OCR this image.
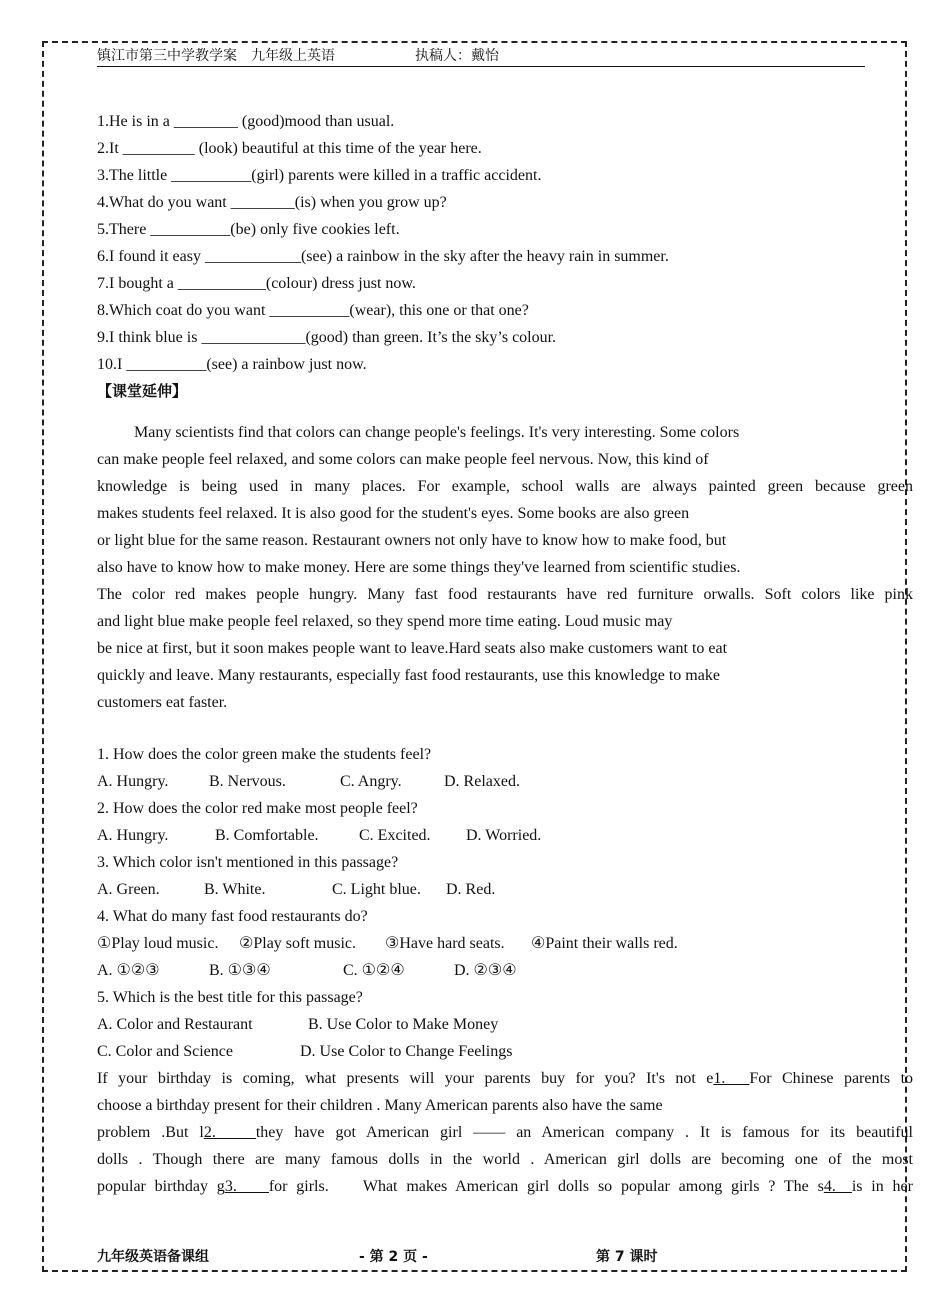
镇江市第三中学教学案　九年级上英语	执稿人：戴怡
1.He is in a ________ (good)mood than usual.
2.It _________ (look) beautiful at this time of the year here.
3.The little __________(girl) parents were killed in a traffic accident.
4.What do you want ________(is) when you grow up?
5.There __________(be) only five cookies left.
6.I found it easy ____________(see) a rainbow in the sky after the heavy rain in summer.
7.I bought a ___________(colour) dress just now.
8.Which coat do you want __________(wear), this one or that one?
9.I think blue is _____________(good) than green. It’s the sky’s colour.
10.I __________(see) a rainbow just now.
【课堂延伸】
Many scientists find that colors can change people's feelings. It's very interesting. Some colors
can make people feel relaxed, and some colors can make people feel nervous. Now, this kind of
knowledge is being used in many places. For example, school walls are always painted green because green
makes students feel relaxed. It is also good for the student's eyes. Some books are also green
or light blue for the same reason. Restaurant owners not only have to know how to make food, but
also have to know how to make money. Here are some things they've learned from scientific studies.
The color red makes people hungry. Many fast food restaurants have red furniture orwalls. Soft colors like pink
and light blue make people feel relaxed, so they spend more time eating. Loud music may
be nice at first, but it soon makes people want to leave.Hard seats also make customers want to eat
quickly and leave. Many restaurants, especially fast food restaurants, use this knowledge to make
customers eat faster.
1. How does the color green make the students feel?
A. Hungry.	B. Nervous.	C. Angry.	D. Relaxed.
2. How does the color red make most people feel?
A. Hungry.	B. Comfortable.	C. Excited. D. Worried.
3. Which color isn't mentioned in this passage?
A. Green.	B. White.	C. Light blue. D. Red.
4. What do many fast food restaurants do?
①Play loud music. ②Play soft music. ③Have hard seats. ④Paint their walls red.
A. ①②③	B. ①③④	C. ①②④	D. ②③④
5. Which is the best title for this passage?
A. Color and Restaurant	B. Use Color to Make Money
C. Color and Science	D. Use Color to Change Feelings
If your birthday is coming, what presents will your parents buy for you? It's not e1.___For Chinese parents to
choose a birthday present for their children . Many American parents also have the same
problem .But l2._____they have got American girl —— an American company . It is famous for its beautiful
dolls . Though there are many famous dolls in the world . American girl dolls are becoming one of the most
popular birthday g3.____for girls.　 What makes American girl dolls so popular among girls ? The s4.__is in her
九年级英语备课组	- 第 2 页 -	第 7 课时
